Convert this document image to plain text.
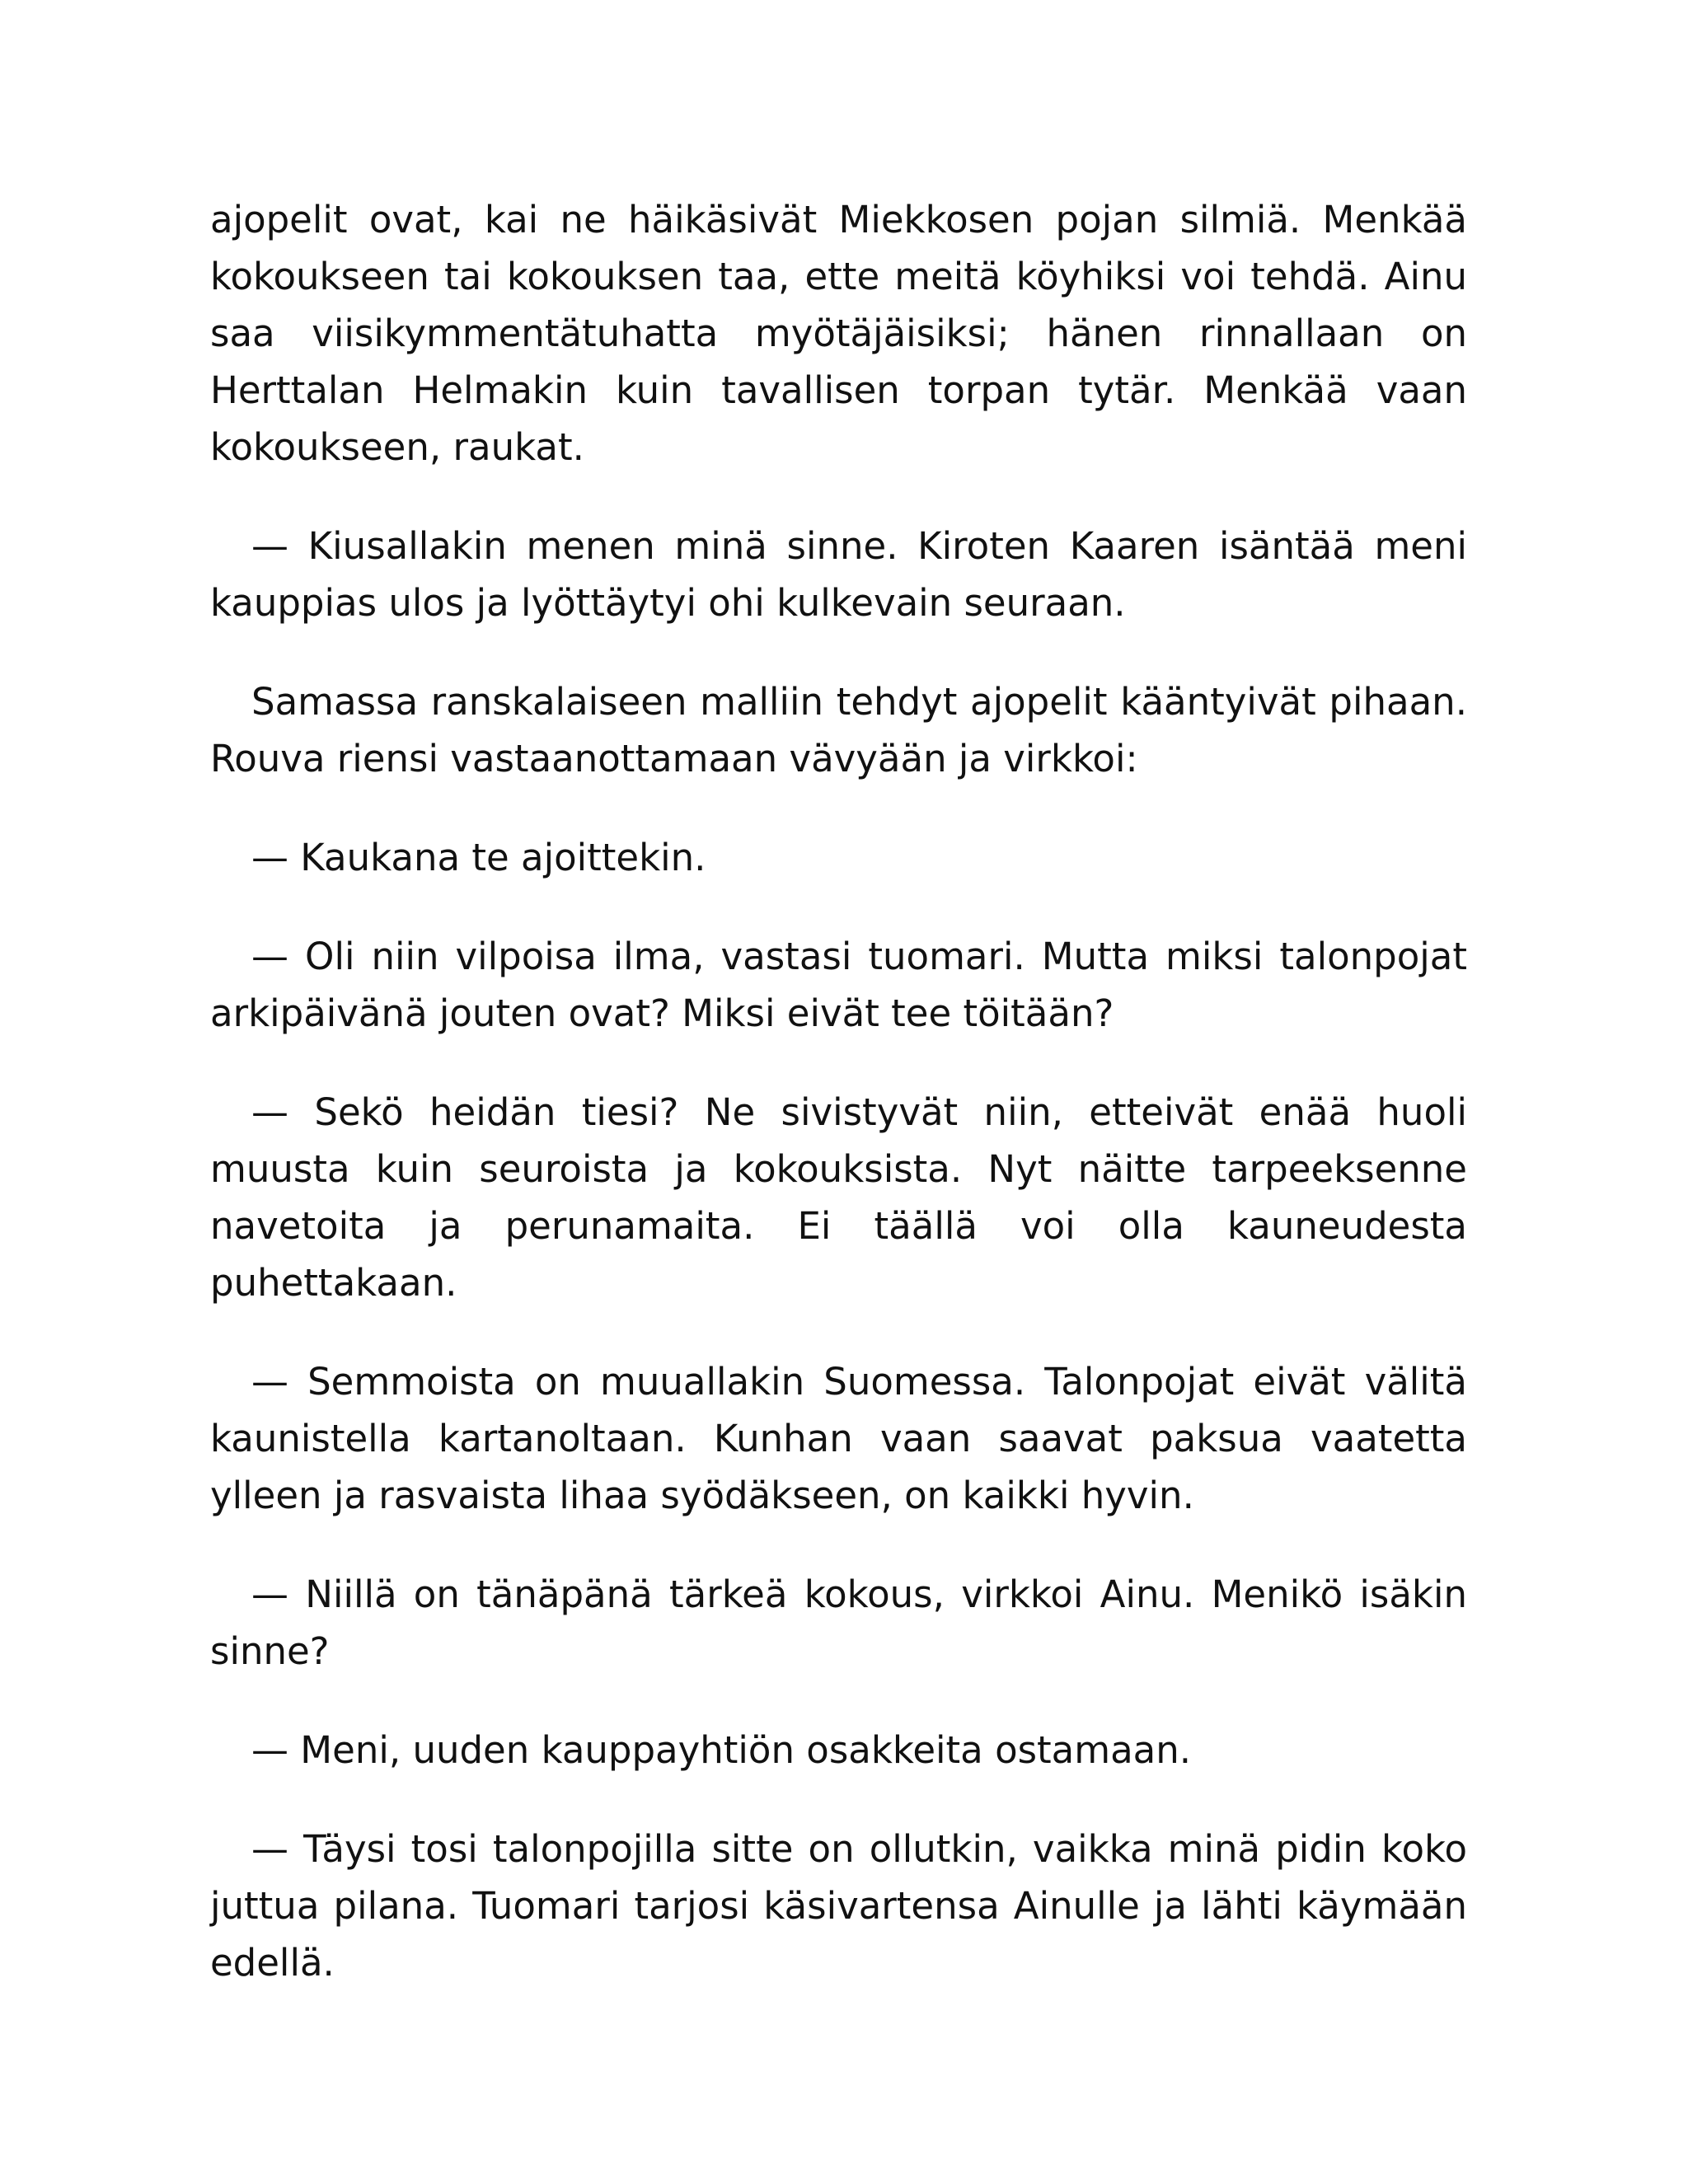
ajopelit ovat, kai ne häikäsivät Miekkosen pojan silmiä. Menkää kokoukseen tai kokouksen taa, ette meitä köyhiksi voi tehdä. Ainu saa viisikymmentätuhatta myötäjäisiksi; hänen rinnallaan on Herttalan Helmakin kuin tavallisen torpan tytär. Menkää vaan kokoukseen, raukat.

— Kiusallakin menen minä sinne. Kiroten Kaaren isäntää meni kauppias ulos ja lyöttäytyi ohi kulkevain seuraan.

Samassa ranskalaiseen malliin tehdyt ajopelit kääntyivät pihaan. Rouva riensi vastaanottamaan vävyään ja virkkoi:

— Kaukana te ajoittekin.

— Oli niin vilpoisa ilma, vastasi tuomari. Mutta miksi talonpojat arkipäivänä jouten ovat? Miksi eivät tee töitään?

— Sekö heidän tiesi? Ne sivistyvät niin, etteivät enää huoli muusta kuin seuroista ja kokouksista. Nyt näitte tarpeeksenne navetoita ja perunamaita. Ei täällä voi olla kauneudesta puhettakaan.

— Semmoista on muuallakin Suomessa. Talonpojat eivät välitä kaunistella kartanoltaan. Kunhan vaan saavat paksua vaatetta ylleen ja rasvaista lihaa syödäkseen, on kaikki hyvin.

— Niillä on tänäpänä tärkeä kokous, virkkoi Ainu. Menikö isäkin sinne?

— Meni, uuden kauppayhtiön osakkeita ostamaan.

— Täysi tosi talonpojilla sitte on ollutkin, vaikka minä pidin koko juttua pilana. Tuomari tarjosi käsivartensa Ainulle ja lähti käymään edellä.
